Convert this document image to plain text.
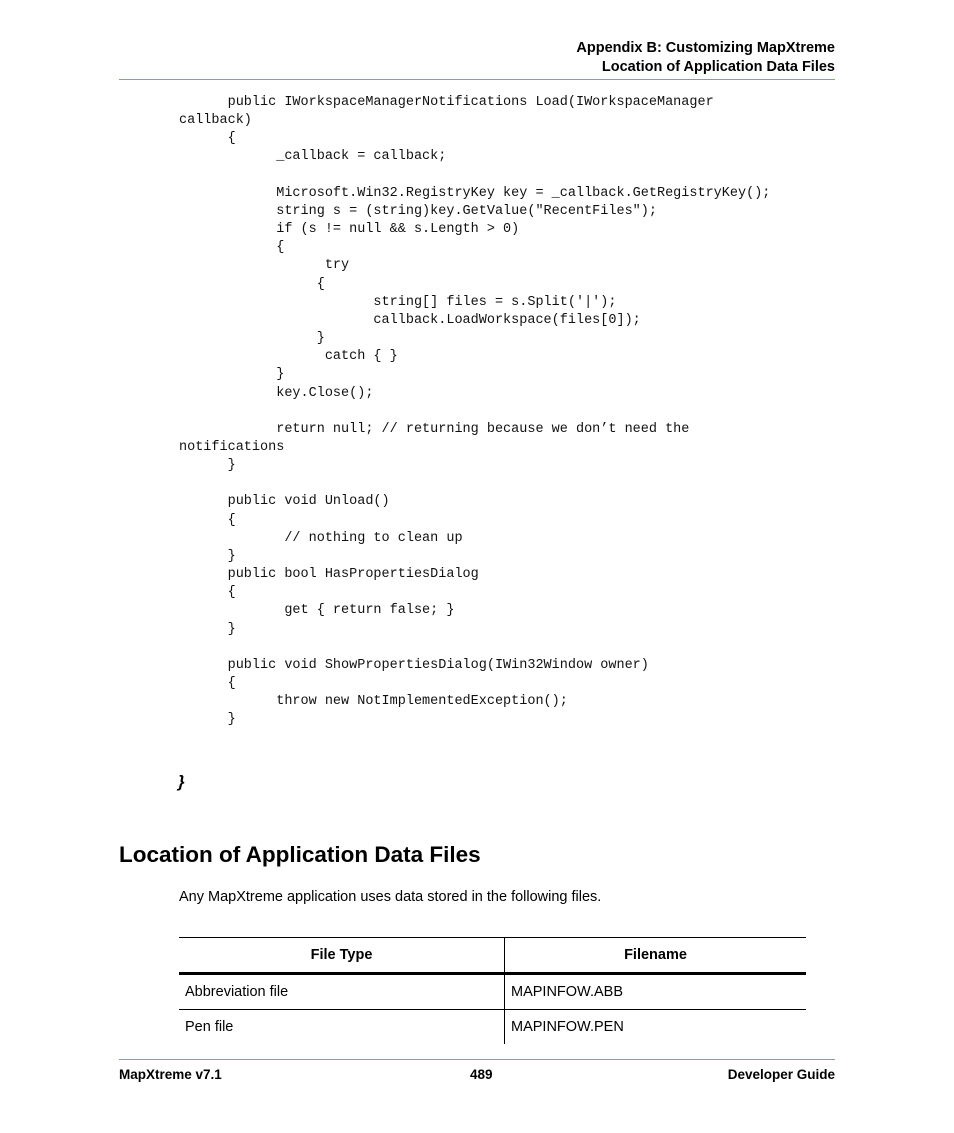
Appendix B: Customizing MapXtreme
Location of Application Data Files
public IWorkspaceManagerNotifications Load(IWorkspaceManager
callback)
{
_callback = callback;

Microsoft.Win32.RegistryKey key = _callback.GetRegistryKey();
string s = (string)key.GetValue("RecentFiles");
if (s != null && s.Length > 0)
{
try
{
string[] files = s.Split('|');
callback.LoadWorkspace(files[0]);
}
catch { }
}
key.Close();

return null; // returning because we don’t need the
notifications
}

public void Unload()
{
// nothing to clean up
}
public bool HasPropertiesDialog
{
get { return false; }
}

public void ShowPropertiesDialog(IWin32Window owner)
{
throw new NotImplementedException();
}

}
Location of Application Data Files
Any MapXtreme application uses data stored in the following files.
File Type	Filename
Abbreviation file	MAPINFOW.ABB
Pen file	MAPINFOW.PEN
MapXtreme v7.1	489	Developer Guide
